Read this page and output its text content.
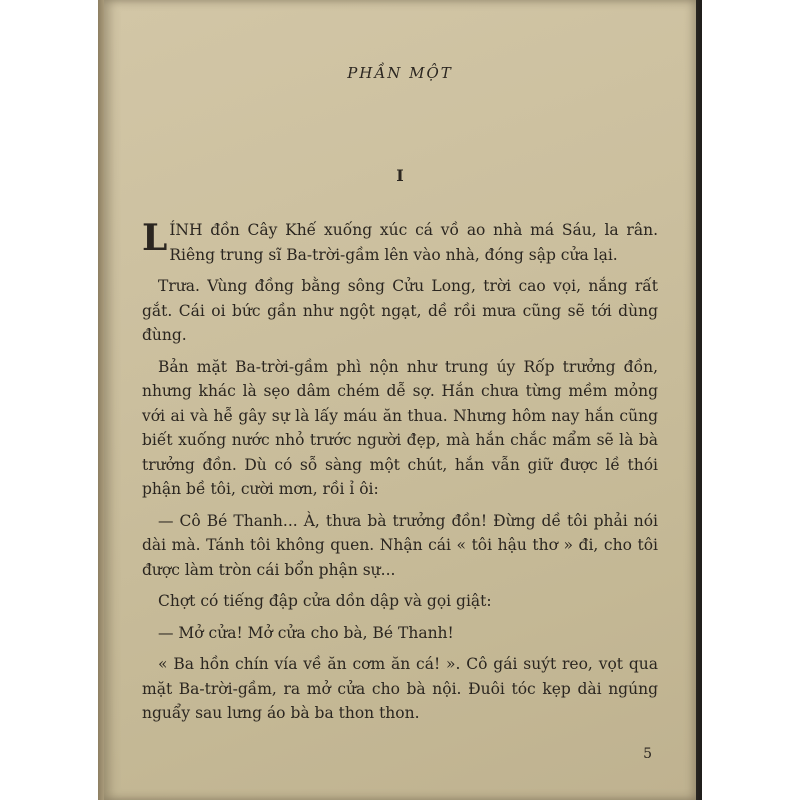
PHẦN MỘT
I

LÍNH đồn Cây Khế xuống xúc cá vồ ao nhà má Sáu, la rân. Riêng trung sĩ Ba-trời-gầm lên vào nhà, đóng sập cửa lại.

Trưa. Vùng đồng bằng sông Cửu Long, trời cao vọi, nắng rất gắt. Cái oi bức gần như ngột ngạt, dề rồi mưa cũng sẽ tới dùng đùng.

Bản mặt Ba-trời-gầm phì nộn như trung úy Rốp trưởng đồn, nhưng khác là sẹo dâm chém dễ sợ. Hắn chưa từng mềm mỏng với ai và hễ gây sự là lấy máu ăn thua. Nhưng hôm nay hắn cũng biết xuống nước nhỏ trước người đẹp, mà hắn chắc mẩm sẽ là bà trưởng đồn. Dù có sỗ sàng một chút, hắn vẫn giữ được lề thói phận bề tôi, cười mơn, rồi ỉ ôi:

— Cô Bé Thanh... À, thưa bà trưởng đồn! Đừng dề tôi phải nói dài mà. Tánh tôi không quen. Nhận cái « tôi hậu thơ » đi, cho tôi được làm tròn cái bổn phận sự...

Chợt có tiếng đập cửa dồn dập và gọi giật:

— Mở cửa! Mở cửa cho bà, Bé Thanh!

« Ba hồn chín vía về ăn cơm ăn cá! ». Cô gái suýt reo, vọt qua mặt Ba-trời-gầm, ra mở cửa cho bà nội. Đuôi tóc kẹp dài ngúng nguẩy sau lưng áo bà ba thon thon.

5
